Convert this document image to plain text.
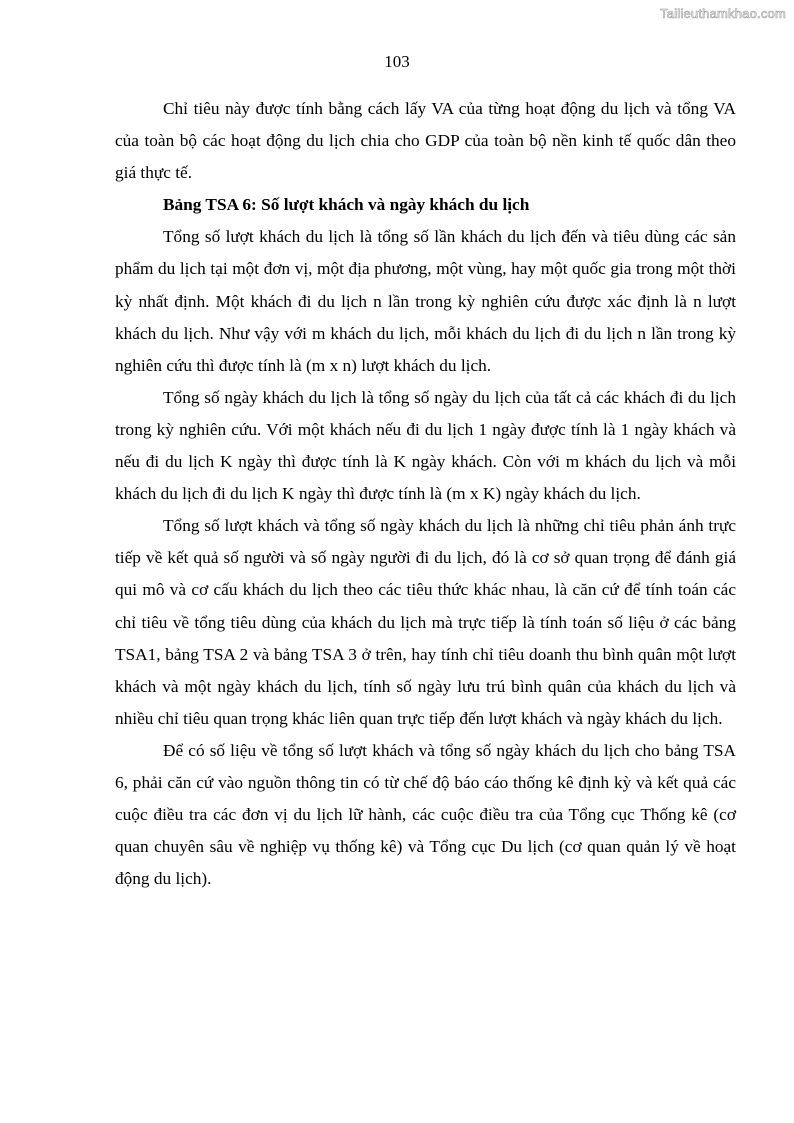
Tailieuthamkhao.com
103

Chỉ tiêu này được tính bằng cách lấy VA của từng hoạt động du lịch và tổng VA của toàn bộ các hoạt động du lịch chia cho GDP của toàn bộ nền kinh tế quốc dân theo giá thực tế.

Bảng TSA 6: Số lượt khách và ngày khách du lịch

Tổng số lượt khách du lịch là tổng số lần khách du lịch đến và tiêu dùng các sản phẩm du lịch tại một đơn vị, một địa phương, một vùng, hay một quốc gia trong một thời kỳ nhất định. Một khách đi du lịch n lần trong kỳ nghiên cứu được xác định là n lượt khách du lịch. Như vậy với m khách du lịch, mỗi khách du lịch đi du lịch n lần trong kỳ nghiên cứu thì được tính là (m x n) lượt khách du lịch.

Tổng số ngày khách du lịch là tổng số ngày du lịch của tất cả các khách đi du lịch trong kỳ nghiên cứu. Với một khách nếu đi du lịch 1 ngày được tính là 1 ngày khách và nếu đi du lịch K ngày thì được tính là K ngày khách. Còn với m khách du lịch và mỗi khách du lịch đi du lịch K ngày thì được tính là (m x K) ngày khách du lịch.

Tổng số lượt khách và tổng số ngày khách du lịch là những chỉ tiêu phản ánh trực tiếp về kết quả số người và số ngày người đi du lịch, đó là cơ sở quan trọng để đánh giá qui mô và cơ cấu khách du lịch theo các tiêu thức khác nhau, là căn cứ để tính toán các chỉ tiêu về tổng tiêu dùng của khách du lịch mà trực tiếp là tính toán số liệu ở các bảng TSA1, bảng TSA 2 và bảng TSA 3 ở trên, hay tính chỉ tiêu doanh thu bình quân một lượt khách và một ngày khách du lịch, tính số ngày lưu trú bình quân của khách du lịch và nhiều chỉ tiêu quan trọng khác liên quan trực tiếp đến lượt khách và ngày khách du lịch.

Để có số liệu về tổng số lượt khách và tổng số ngày khách du lịch cho bảng TSA 6, phải căn cứ vào nguồn thông tin có từ chế độ báo cáo thống kê định kỳ và kết quả các cuộc điều tra các đơn vị du lịch lữ hành, các cuộc điều tra của Tổng cục Thống kê (cơ quan chuyên sâu về nghiệp vụ thống kê) và Tổng cục Du lịch (cơ quan quản lý về hoạt động du lịch).
